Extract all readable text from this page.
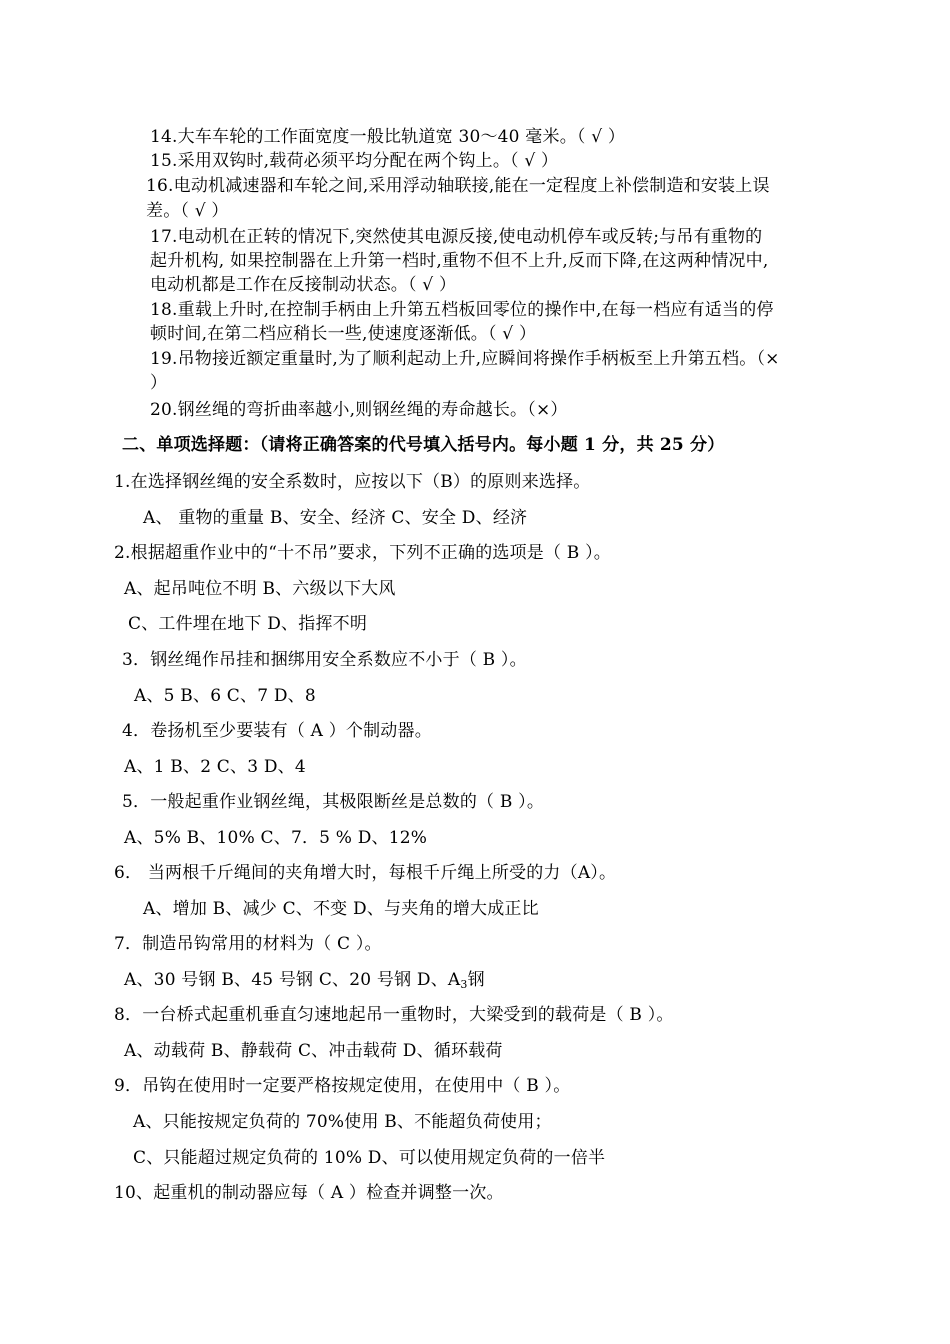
14.大车车轮的工作面宽度一般比轨道宽 30～40 毫米。（ √ ）
15.采用双钩时,载荷必须平均分配在两个钩上。（ √ ）
16.电动机减速器和车轮之间,采用浮动轴联接,能在一定程度上补偿制造和安装上误
差。（ √ ）
17.电动机在正转的情况下,突然使其电源反接,使电动机停车或反转;与吊有重物的
起升机构, 如果控制器在上升第一档时,重物不但不上升,反而下降,在这两种情况中,
电动机都是工作在反接制动状态。（ √ ）
18.重载上升时,在控制手柄由上升第五档板回零位的操作中,在每一档应有适当的停
顿时间,在第二档应稍长一些,使速度逐渐低。（ √ ）
19.吊物接近额定重量时,为了顺利起动上升,应瞬间将操作手柄板至上升第五档。（×
）
20.钢丝绳的弯折曲率越小,则钢丝绳的寿命越长。（×）
二、单项选择题：（请将正确答案的代号填入括号内。每小题 1 分，共 25 分）
1.在选择钢丝绳的安全系数时，应按以下（B）的原则来选择。
A、 重物的重量 B、安全、经济 C、安全 D、经济
2.根据超重作业中的“十不吊”要求，下列不正确的选项是（ B ）。
A、起吊吨位不明 B、六级以下大风
C、工件埋在地下 D、指挥不明
3．钢丝绳作吊挂和捆绑用安全系数应不小于（ B ）。
A、5 B、6 C、7 D、8
4．卷扬机至少要装有（ A ）个制动器。
A、1 B、2 C、3 D、4
5．一般起重作业钢丝绳，其极限断丝是总数的（ B ）。
A、5% B、10% C、7．5 % D、12%
6． 当两根千斤绳间的夹角增大时，每根千斤绳上所受的力（A）。
A、增加 B、减少 C、不变 D、与夹角的增大成正比
7．制造吊钩常用的材料为（ C ）。
A、30 号钢 B、45 号钢 C、20 号钢 D、$A_3$钢
8．一台桥式起重机垂直匀速地起吊一重物时，大梁受到的载荷是（ B ）。
A、动载荷 B、静载荷 C、冲击载荷 D、循环载荷
9．吊钩在使用时一定要严格按规定使用，在使用中（ B ）。
A、只能按规定负荷的 70%使用 B、不能超负荷使用；
C、只能超过规定负荷的 10% D、可以使用规定负荷的一倍半
10、起重机的制动器应每（ A ）检查并调整一次。
